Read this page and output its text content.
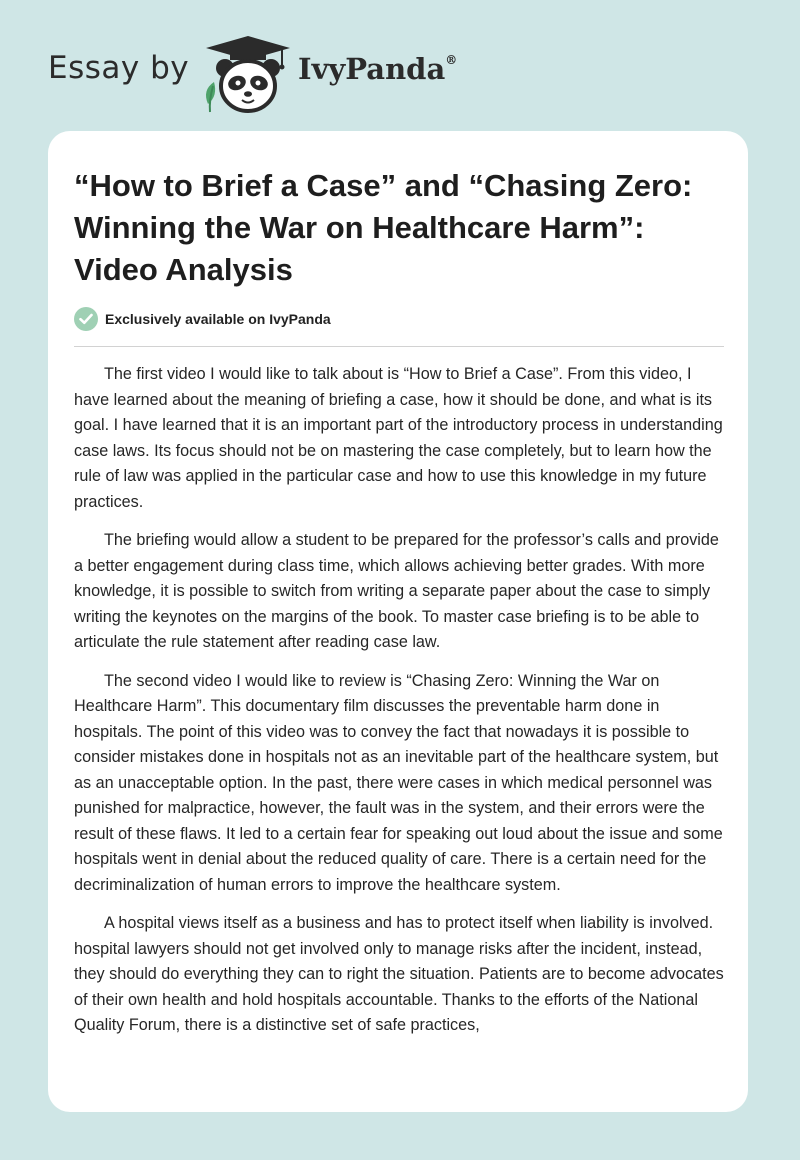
Essay by	IvyPanda®
“How to Brief a Case” and “Chasing Zero: Winning the War on Healthcare Harm”: Video Analysis
Exclusively available on IvyPanda

The first video I would like to talk about is “How to Brief a Case”. From this video, I have learned about the meaning of briefing a case, how it should be done, and what is its goal. I have learned that it is an important part of the introductory process in understanding case laws. Its focus should not be on mastering the case completely, but to learn how the rule of law was applied in the particular case and how to use this knowledge in my future practices.

The briefing would allow a student to be prepared for the professor’s calls and provide a better engagement during class time, which allows achieving better grades. With more knowledge, it is possible to switch from writing a separate paper about the case to simply writing the keynotes on the margins of the book. To master case briefing is to be able to articulate the rule statement after reading case law.

The second video I would like to review is “Chasing Zero: Winning the War on Healthcare Harm”. This documentary film discusses the preventable harm done in hospitals. The point of this video was to convey the fact that nowadays it is possible to consider mistakes done in hospitals not as an inevitable part of the healthcare system, but as an unacceptable option. In the past, there were cases in which medical personnel was punished for malpractice, however, the fault was in the system, and their errors were the result of these flaws. It led to a certain fear for speaking out loud about the issue and some hospitals went in denial about the reduced quality of care. There is a certain need for the decriminalization of human errors to improve the healthcare system.

A hospital views itself as a business and has to protect itself when liability is involved. hospital lawyers should not get involved only to manage risks after the incident, instead, they should do everything they can to right the situation. Patients are to become advocates of their own health and hold hospitals accountable. Thanks to the efforts of the National Quality Forum, there is a distinctive set of safe practices,
